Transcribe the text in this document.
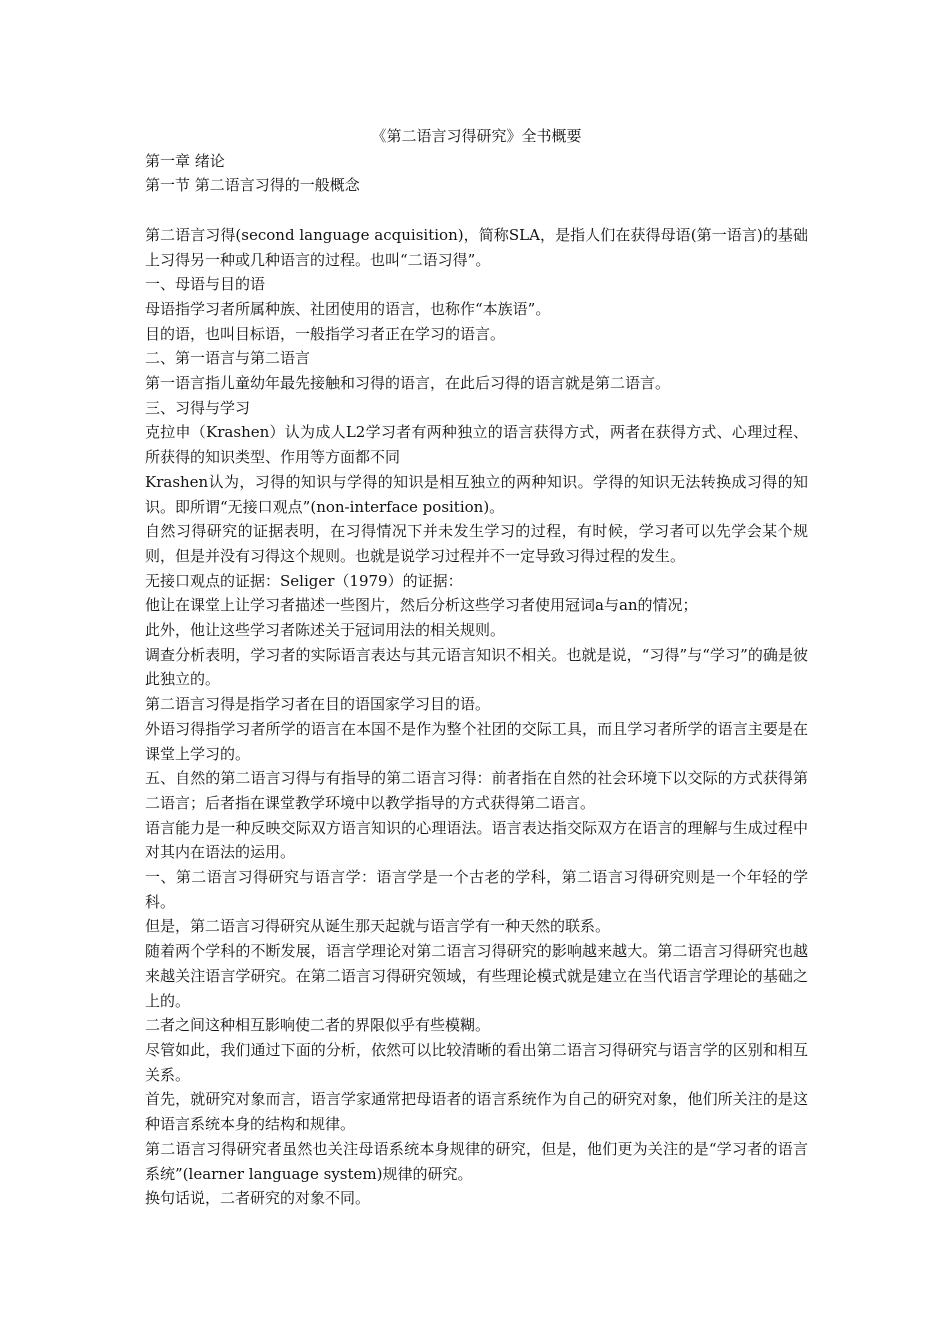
《第二语言习得研究》全书概要

第一章 绪论

第一节 第二语言习得的一般概念

第二语言习得(second language acquisition)，简称SLA，是指人们在获得母语(第一语言)的基础上习得另一种或几种语言的过程。也叫“二语习得”。

一、母语与目的语

母语指学习者所属种族、社团使用的语言，也称作“本族语”。

目的语，也叫目标语，一般指学习者正在学习的语言。

二、第一语言与第二语言

第一语言指儿童幼年最先接触和习得的语言，在此后习得的语言就是第二语言。

三、习得与学习

克拉申（Krashen）认为成人L2学习者有两种独立的语言获得方式，两者在获得方式、心理过程、所获得的知识类型、作用等方面都不同

Krashen认为，习得的知识与学得的知识是相互独立的两种知识。学得的知识无法转换成习得的知识。即所谓“无接口观点”(non-interface position)。

自然习得研究的证据表明，在习得情况下并未发生学习的过程，有时候，学习者可以先学会某个规则，但是并没有习得这个规则。也就是说学习过程并不一定导致习得过程的发生。

无接口观点的证据：Seliger（1979）的证据：

他让在课堂上让学习者描述一些图片，然后分析这些学习者使用冠词a与an的情况；

此外，他让这些学习者陈述关于冠词用法的相关规则。

调查分析表明，学习者的实际语言表达与其元语言知识不相关。也就是说，“习得”与“学习”的确是彼此独立的。

第二语言习得是指学习者在目的语国家学习目的语。

外语习得指学习者所学的语言在本国不是作为整个社团的交际工具，而且学习者所学的语言主要是在课堂上学习的。

五、自然的第二语言习得与有指导的第二语言习得：前者指在自然的社会环境下以交际的方式获得第二语言；后者指在课堂教学环境中以教学指导的方式获得第二语言。

语言能力是一种反映交际双方语言知识的心理语法。语言表达指交际双方在语言的理解与生成过程中对其内在语法的运用。

一、第二语言习得研究与语言学：语言学是一个古老的学科，第二语言习得研究则是一个年轻的学科。

但是，第二语言习得研究从诞生那天起就与语言学有一种天然的联系。

随着两个学科的不断发展，语言学理论对第二语言习得研究的影响越来越大。第二语言习得研究也越来越关注语言学研究。在第二语言习得研究领域，有些理论模式就是建立在当代语言学理论的基础之上的。

二者之间这种相互影响使二者的界限似乎有些模糊。

尽管如此，我们通过下面的分析，依然可以比较清晰的看出第二语言习得研究与语言学的区别和相互关系。

首先，就研究对象而言，语言学家通常把母语者的语言系统作为自己的研究对象，他们所关注的是这种语言系统本身的结构和规律。

第二语言习得研究者虽然也关注母语系统本身规律的研究，但是，他们更为关注的是“学习者的语言系统”(learner language system)规律的研究。

换句话说，二者研究的对象不同。
